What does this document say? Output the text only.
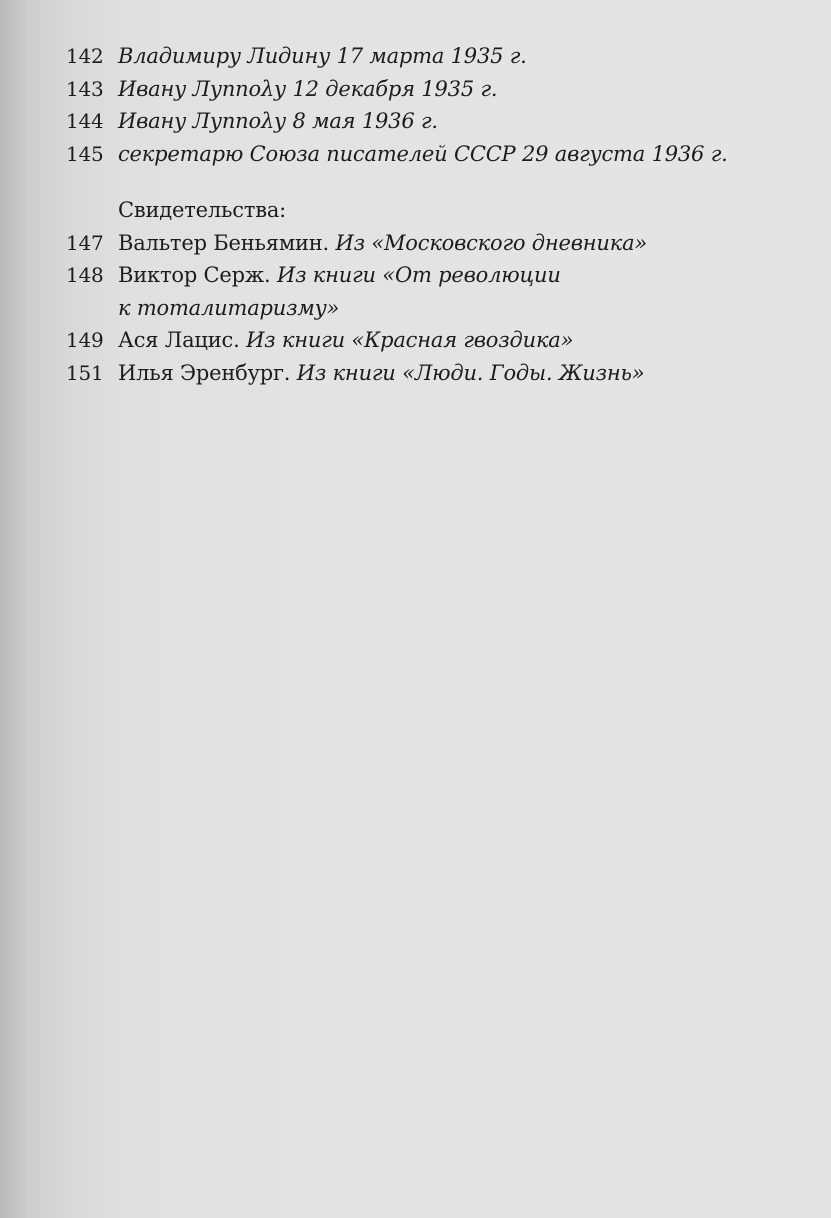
142 Владимиру Лидину 17 марта 1935 г.
143 Ивану Луппολу 12 декабря 1935 г.
144 Ивану Луппολу 8 мая 1936 г.
145 секретарю Союза писателей СССР 29 августа 1936 г.
Свидетельства:
147 Вальтер Беньямин. Из «Московского дневника»
148 Виктор Серж. Из книги «От революции
к тоталитаризму»
149 Ася Лацис. Из книги «Красная гвоздика»
151 Илья Эренбург. Из книги «Люди. Годы. Жизнь»
